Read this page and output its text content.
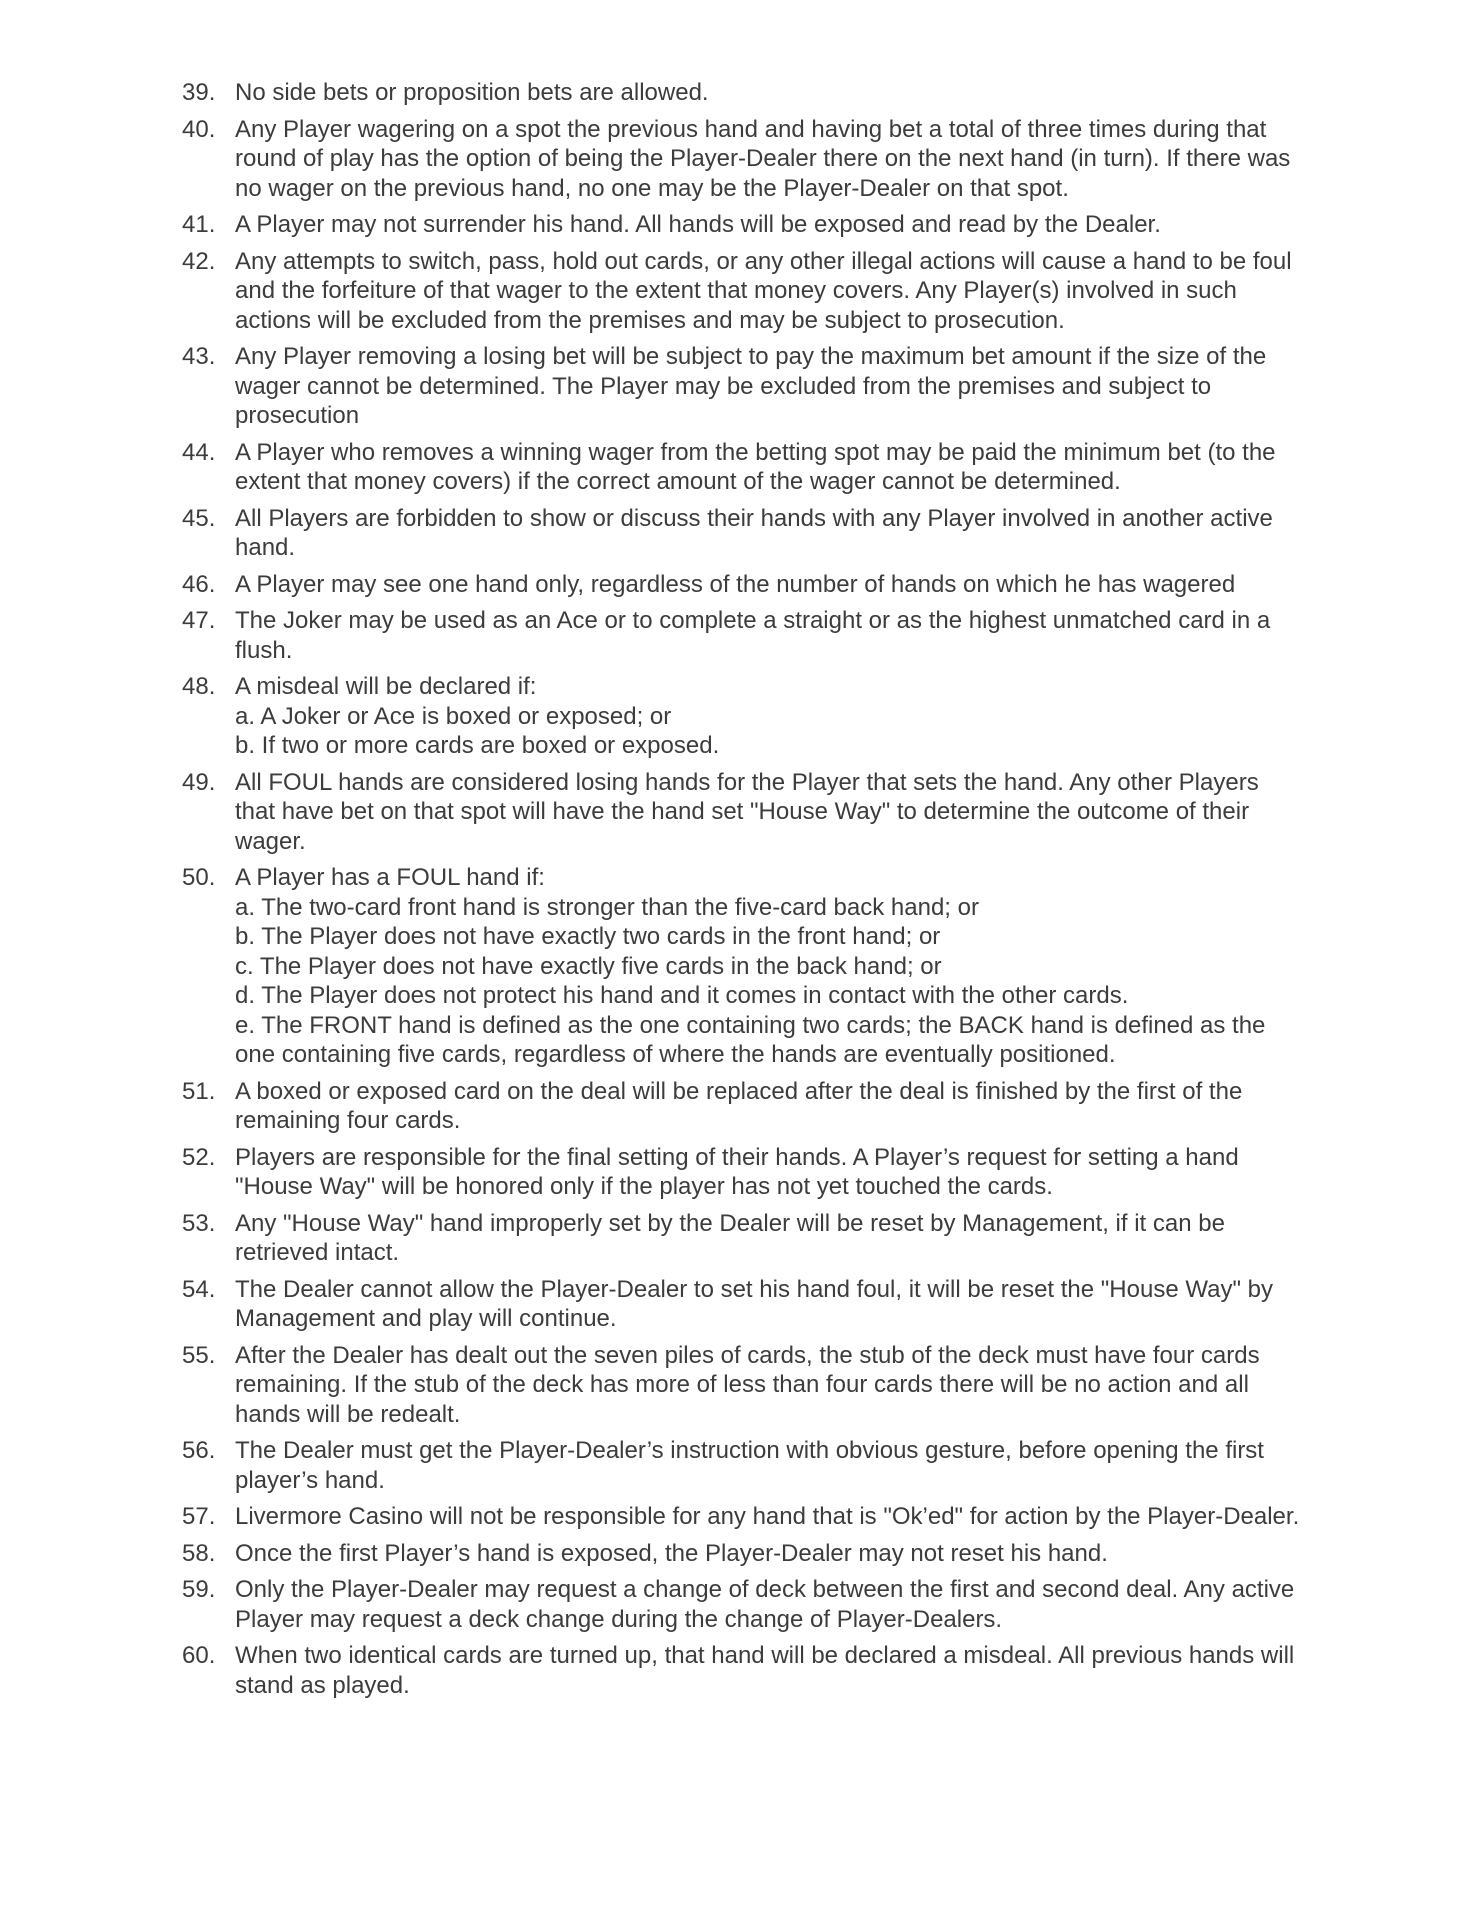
39. No side bets or proposition bets are allowed.
40. Any Player wagering on a spot the previous hand and having bet a total of three times during that round of play has the option of being the Player-Dealer there on the next hand (in turn). If there was no wager on the previous hand, no one may be the Player-Dealer on that spot.
41. A Player may not surrender his hand. All hands will be exposed and read by the Dealer.
42. Any attempts to switch, pass, hold out cards, or any other illegal actions will cause a hand to be foul and the forfeiture of that wager to the extent that money covers. Any Player(s) involved in such actions will be excluded from the premises and may be subject to prosecution.
43. Any Player removing a losing bet will be subject to pay the maximum bet amount if the size of the wager cannot be determined. The Player may be excluded from the premises and subject to prosecution
44. A Player who removes a winning wager from the betting spot may be paid the minimum bet (to the extent that money covers) if the correct amount of the wager cannot be determined.
45. All Players are forbidden to show or discuss their hands with any Player involved in another active hand.
46. A Player may see one hand only, regardless of the number of hands on which he has wagered
47. The Joker may be used as an Ace or to complete a straight or as the highest unmatched card in a flush.
48. A misdeal will be declared if:
a. A Joker or Ace is boxed or exposed; or
b. If two or more cards are boxed or exposed.
49. All FOUL hands are considered losing hands for the Player that sets the hand. Any other Players that have bet on that spot will have the hand set "House Way" to determine the outcome of their wager.
50. A Player has a FOUL hand if:
a. The two-card front hand is stronger than the five-card back hand; or
b. The Player does not have exactly two cards in the front hand; or
c. The Player does not have exactly five cards in the back hand; or
d. The Player does not protect his hand and it comes in contact with the other cards.
e. The FRONT hand is defined as the one containing two cards; the BACK hand is defined as the one containing five cards, regardless of where the hands are eventually positioned.
51. A boxed or exposed card on the deal will be replaced after the deal is finished by the first of the remaining four cards.
52. Players are responsible for the final setting of their hands. A Player’s request for setting a hand "House Way" will be honored only if the player has not yet touched the cards.
53. Any "House Way" hand improperly set by the Dealer will be reset by Management, if it can be retrieved intact.
54. The Dealer cannot allow the Player-Dealer to set his hand foul, it will be reset the "House Way" by Management and play will continue.
55. After the Dealer has dealt out the seven piles of cards, the stub of the deck must have four cards remaining. If the stub of the deck has more of less than four cards there will be no action and all hands will be redealt.
56. The Dealer must get the Player-Dealer’s instruction with obvious gesture, before opening the first player’s hand.
57. Livermore Casino will not be responsible for any hand that is "Ok’ed" for action by the Player-Dealer.
58. Once the first Player’s hand is exposed, the Player-Dealer may not reset his hand.
59. Only the Player-Dealer may request a change of deck between the first and second deal. Any active Player may request a deck change during the change of Player-Dealers.
60. When two identical cards are turned up, that hand will be declared a misdeal. All previous hands will stand as played.
